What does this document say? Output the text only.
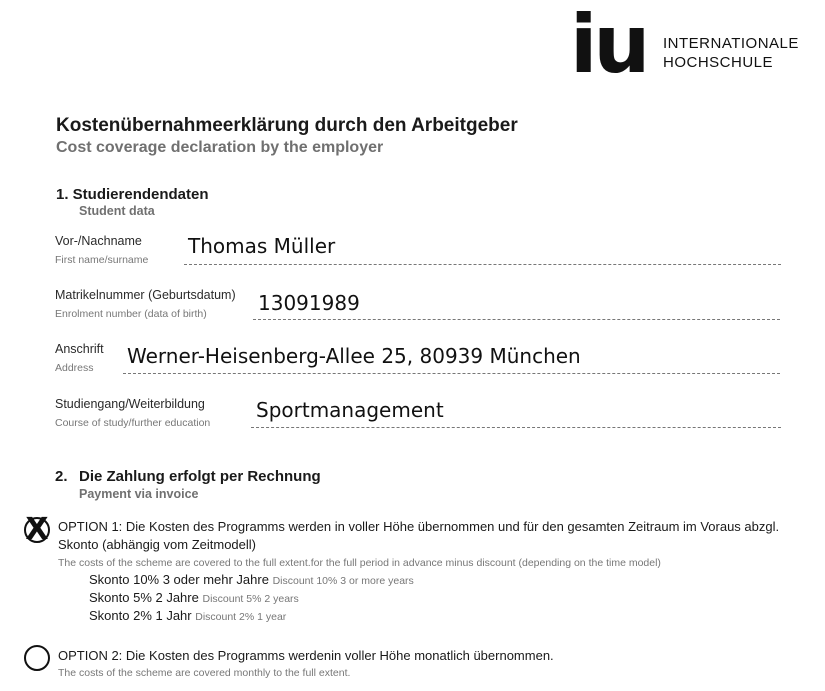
iu INTERNATIONALE
HOCHSCHULE
Kostenübernahmeerklärung durch den Arbeitgeber
Cost coverage declaration by the employer
1. Studierendendaten
Student data
Vor-/Nachname
First name/surname
Thomas Müller
Matrikelnummer (Geburtsdatum)
Enrolment number (data of birth)	13091989
Anschrift
Address Werner-Heisenberg-Allee 25, 80939 München
Studiengang/Weiterbildung
Course of study/further education
Sportmanagement
2. Die Zahlung erfolgt per Rechnung
Payment via invoice
X OPTION 1: Die Kosten des Programms werden in voller Höhe übernommen und für den gesamten Zeitraum im Voraus abzgl.
Skonto (abhängig vom Zeitmodell)
The costs of the scheme are covered to the full extent.for the full period in advance minus discount (depending on the time model)
Skonto 10% 3 oder mehr Jahre Discount 10% 3 or more years
Skonto 5% 2 Jahre Discount 5% 2 years
Skonto 2% 1 Jahr Discount 2% 1 year
OPTION 2: Die Kosten des Programms werdenin voller Höhe monatlich übernommen.
The costs of the scheme are covered monthly to the full extent.
